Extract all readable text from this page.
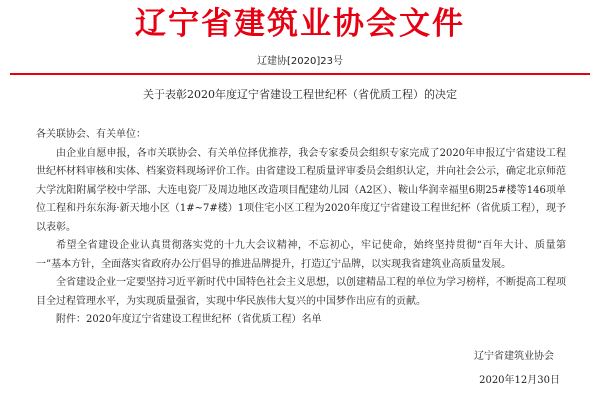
辽宁省建筑业协会文件
辽建协[2020]23号
关于表彰2020年度辽宁省建设工程世纪杯（省优质工程）的决定

各关联协会、有关单位：

由企业自愿申报，各市关联协会、有关单位择优推荐，我会专家委员会组织专家完成了2020年申报辽宁省建设工程世纪杯材料审核和实体、档案资料现场评价工作。由省建设工程质量评审委员会组织认定，并向社会公示，确定北京师范大学沈阳附属学校中学部、大连电瓷厂及周边地区改造项目配建幼儿园（A2区）、鞍山华润幸福里6期25#楼等146项单位工程和丹东东海·新天地小区（1#~7#楼）1项住宅小区工程为2020年度辽宁省建设工程世纪杯（省优质工程），现予以表彰。

希望全省建设企业认真贯彻落实党的十九大会议精神，不忘初心，牢记使命，始终坚持贯彻“百年大计、质量第一”基本方针，全面落实省政府办公厅倡导的推进品牌提升，打造辽宁品牌，以实现我省建筑业高质量发展。

全省建设企业一定要坚持习近平新时代中国特色社会主义思想，以创建精品工程的单位为学习榜样，不断提高工程项目全过程管理水平，为实现质量强省，实现中华民族伟大复兴的中国梦作出应有的贡献。

附件：2020年度辽宁省建设工程世纪杯（省优质工程）名单

辽宁省建筑业协会
2020年12月30日
